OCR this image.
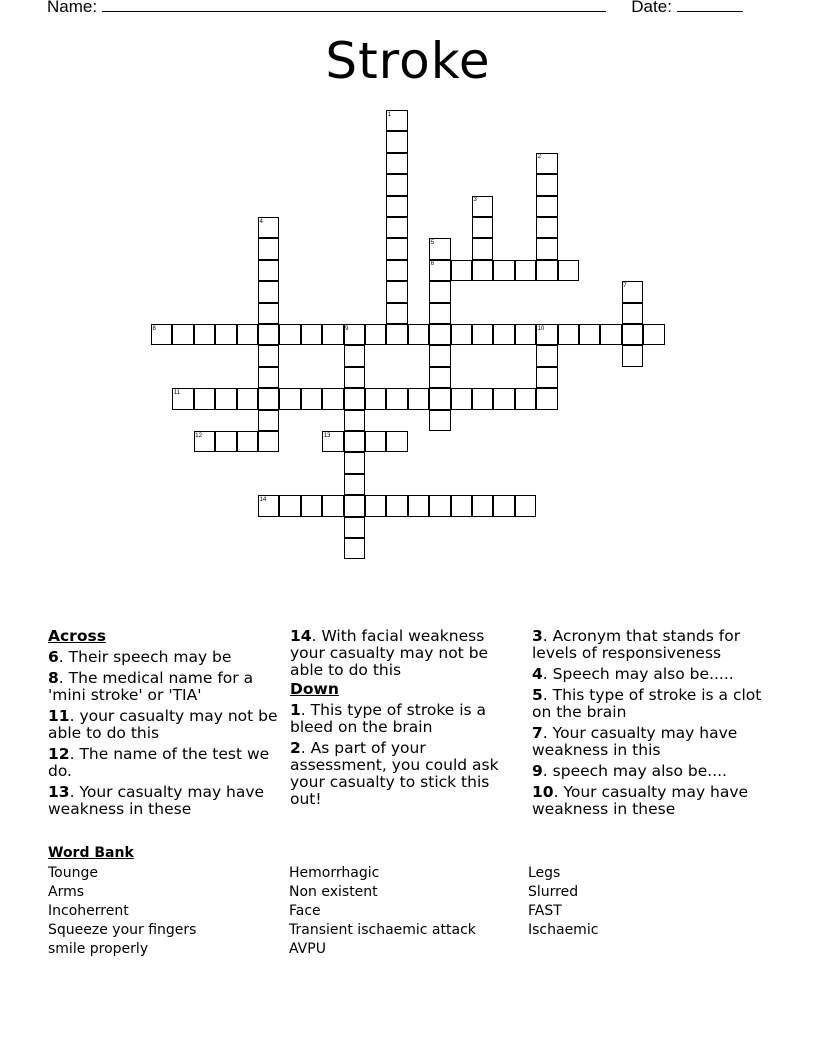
Name:	Date:
Stroke
1
2
3
4
5
6
7
8	9	10
11
12	13
14
Across
6. Their speech may be
8. The medical name for a 'mini stroke' or 'TIA'
11. your casualty may not be able to do this
12. The name of the test we do.
13. Your casualty may have weakness in these
14. With facial weakness your casualty may not be able to do this
Down
1. This type of stroke is a bleed on the brain
2. As part of your assessment, you could ask your casualty to stick this out!
3. Acronym that stands for levels of responsiveness
4. Speech may also be.....
5. This type of stroke is a clot on the brain
7. Your casualty may have weakness in this
9. speech may also be....
10. Your casualty may have weakness in these
Word Bank
Tounge
Arms
Incoherrent
Squeeze your fingers
smile properly
Hemorrhagic
Non existent
Face
Transient ischaemic attack
AVPU
Legs
Slurred
FAST
Ischaemic
